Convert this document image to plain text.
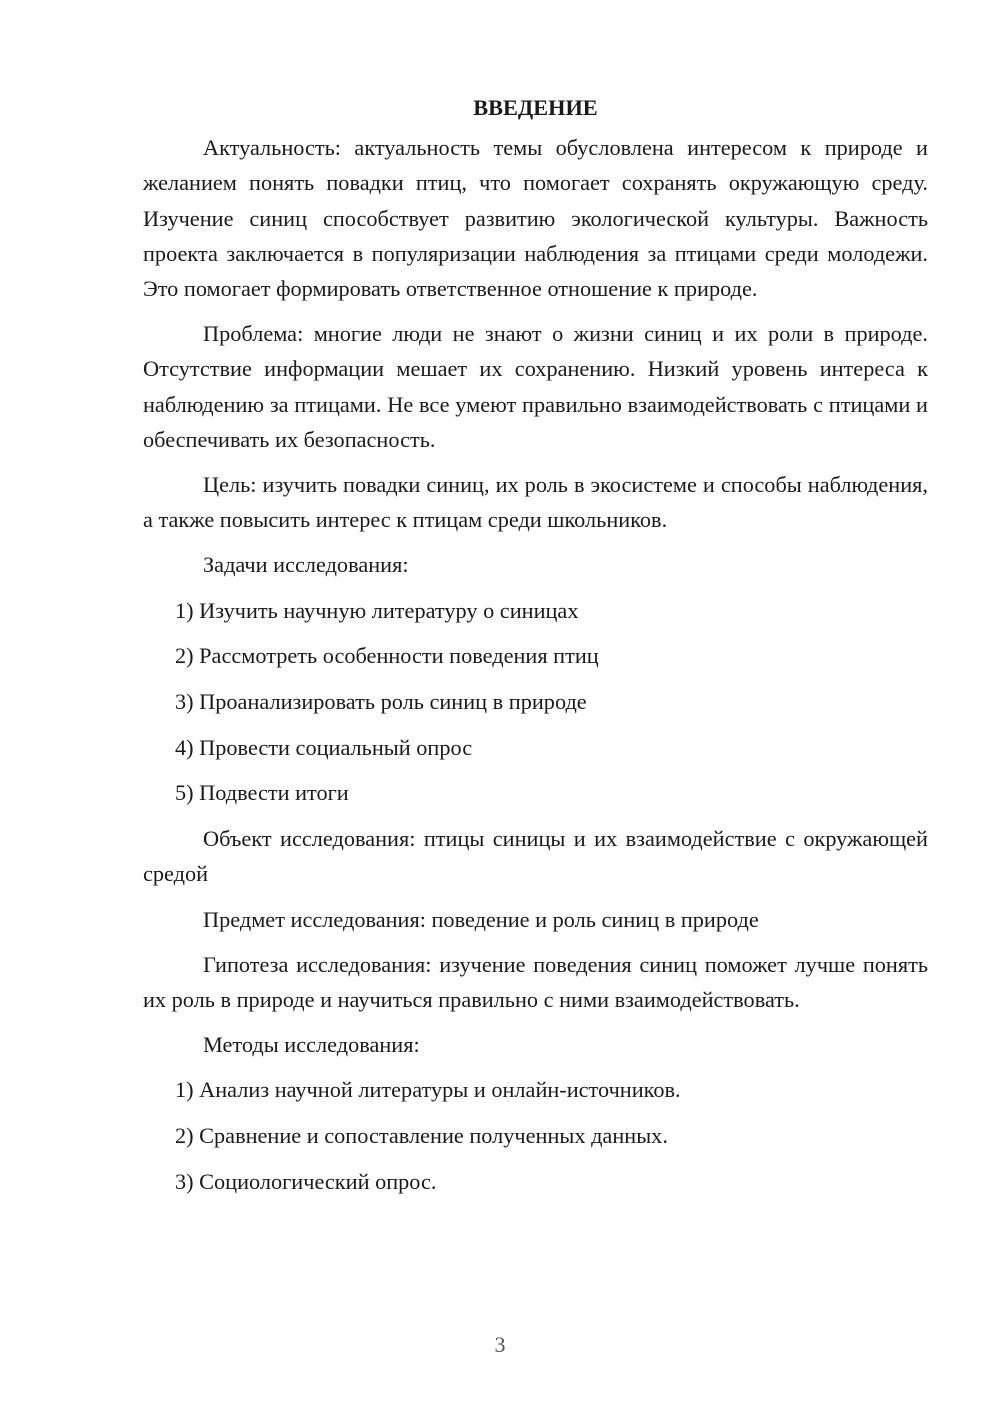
ВВЕДЕНИЕ

Актуальность: актуальность темы обусловлена интересом к природе и желанием понять повадки птиц, что помогает сохранять окружающую среду. Изучение синиц способствует развитию экологической культуры. Важность проекта заключается в популяризации наблюдения за птицами среди молодежи. Это помогает формировать ответственное отношение к природе.

Проблема: многие люди не знают о жизни синиц и их роли в природе. Отсутствие информации мешает их сохранению. Низкий уровень интереса к наблюдению за птицами. Не все умеют правильно взаимодействовать с птицами и обеспечивать их безопасность.

Цель: изучить повадки синиц, их роль в экосистеме и способы наблюдения, а также повысить интерес к птицам среди школьников.

Задачи исследования:

1) Изучить научную литературу о синицах
2) Рассмотреть особенности поведения птиц
3) Проанализировать роль синиц в природе
4) Провести социальный опрос
5) Подвести итоги

Объект исследования: птицы синицы и их взаимодействие с окружающей средой

Предмет исследования: поведение и роль синиц в природе

Гипотеза исследования: изучение поведения синиц поможет лучше понять их роль в природе и научиться правильно с ними взаимодействовать.

Методы исследования:

1) Анализ научной литературы и онлайн-источников.
2) Сравнение и сопоставление полученных данных.
3) Социологический опрос.
3
